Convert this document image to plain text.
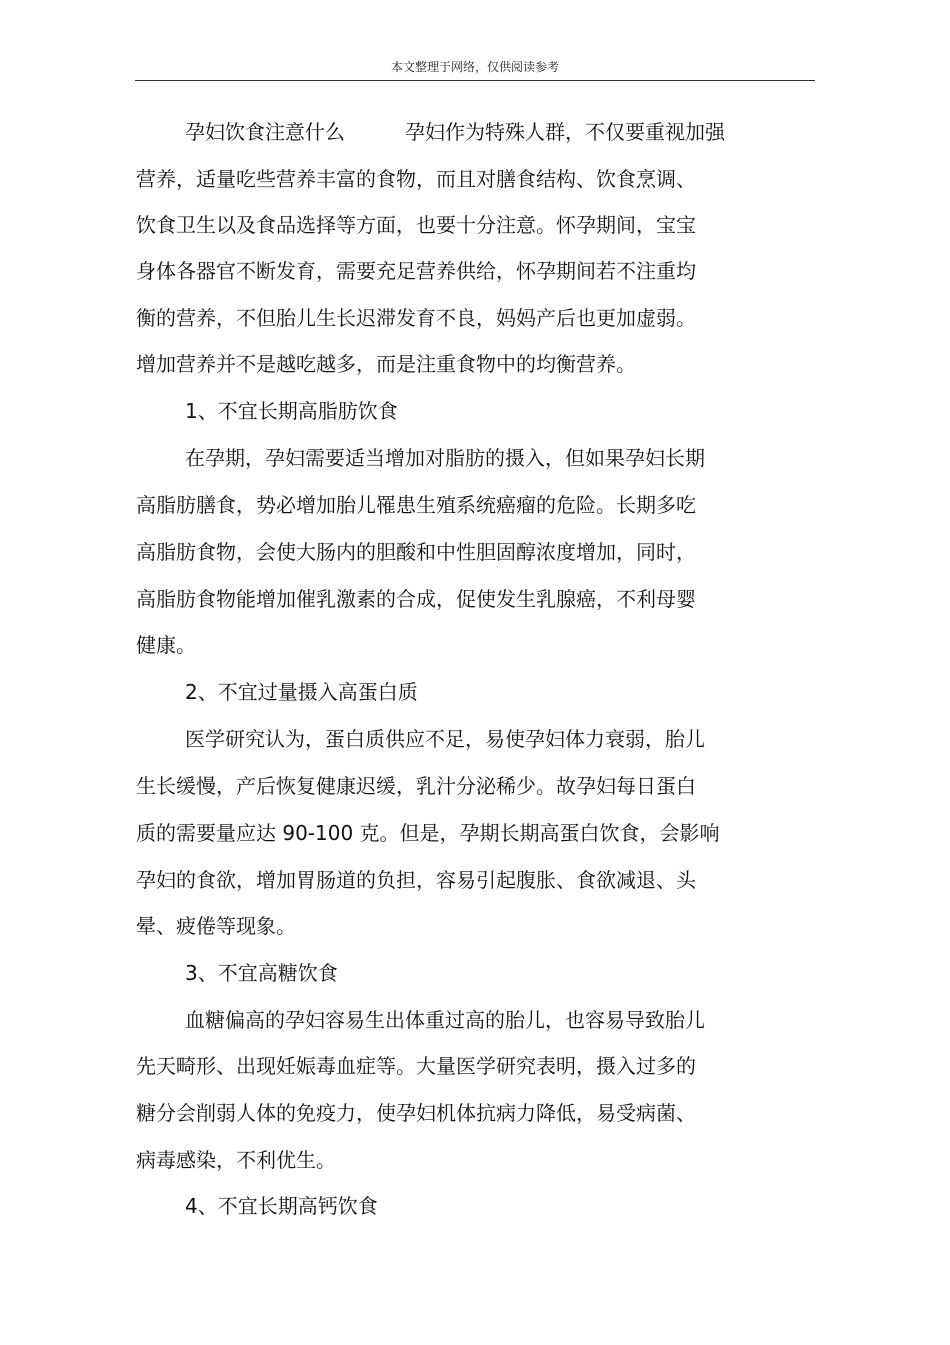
本文整理于网络，仅供阅读参考
孕妇饮食注意什么	孕妇作为特殊人群，不仅要重视加强
营养，适量吃些营养丰富的食物，而且对膳食结构、饮食烹调、
饮食卫生以及食品选择等方面，也要十分注意。怀孕期间，宝宝
身体各器官不断发育，需要充足营养供给，怀孕期间若不注重均
衡的营养，不但胎儿生长迟滞发育不良，妈妈产后也更加虚弱。
增加营养并不是越吃越多，而是注重食物中的均衡营养。
1、不宜长期高脂肪饮食
在孕期，孕妇需要适当增加对脂肪的摄入，但如果孕妇长期
高脂肪膳食，势必增加胎儿罹患生殖系统癌瘤的危险。长期多吃
高脂肪食物，会使大肠内的胆酸和中性胆固醇浓度增加，同时，
高脂肪食物能增加催乳激素的合成，促使发生乳腺癌，不利母婴
健康。
2、不宜过量摄入高蛋白质
医学研究认为，蛋白质供应不足，易使孕妇体力衰弱，胎儿
生长缓慢，产后恢复健康迟缓，乳汁分泌稀少。故孕妇每日蛋白
质的需要量应达 90-100 克。但是，孕期长期高蛋白饮食，会影响
孕妇的食欲，增加胃肠道的负担，容易引起腹胀、食欲减退、头
晕、疲倦等现象。
3、不宜高糖饮食
血糖偏高的孕妇容易生出体重过高的胎儿，也容易导致胎儿
先天畸形、出现妊娠毒血症等。大量医学研究表明，摄入过多的
糖分会削弱人体的免疫力，使孕妇机体抗病力降低，易受病菌、
病毒感染，不利优生。
4、不宜长期高钙饮食
